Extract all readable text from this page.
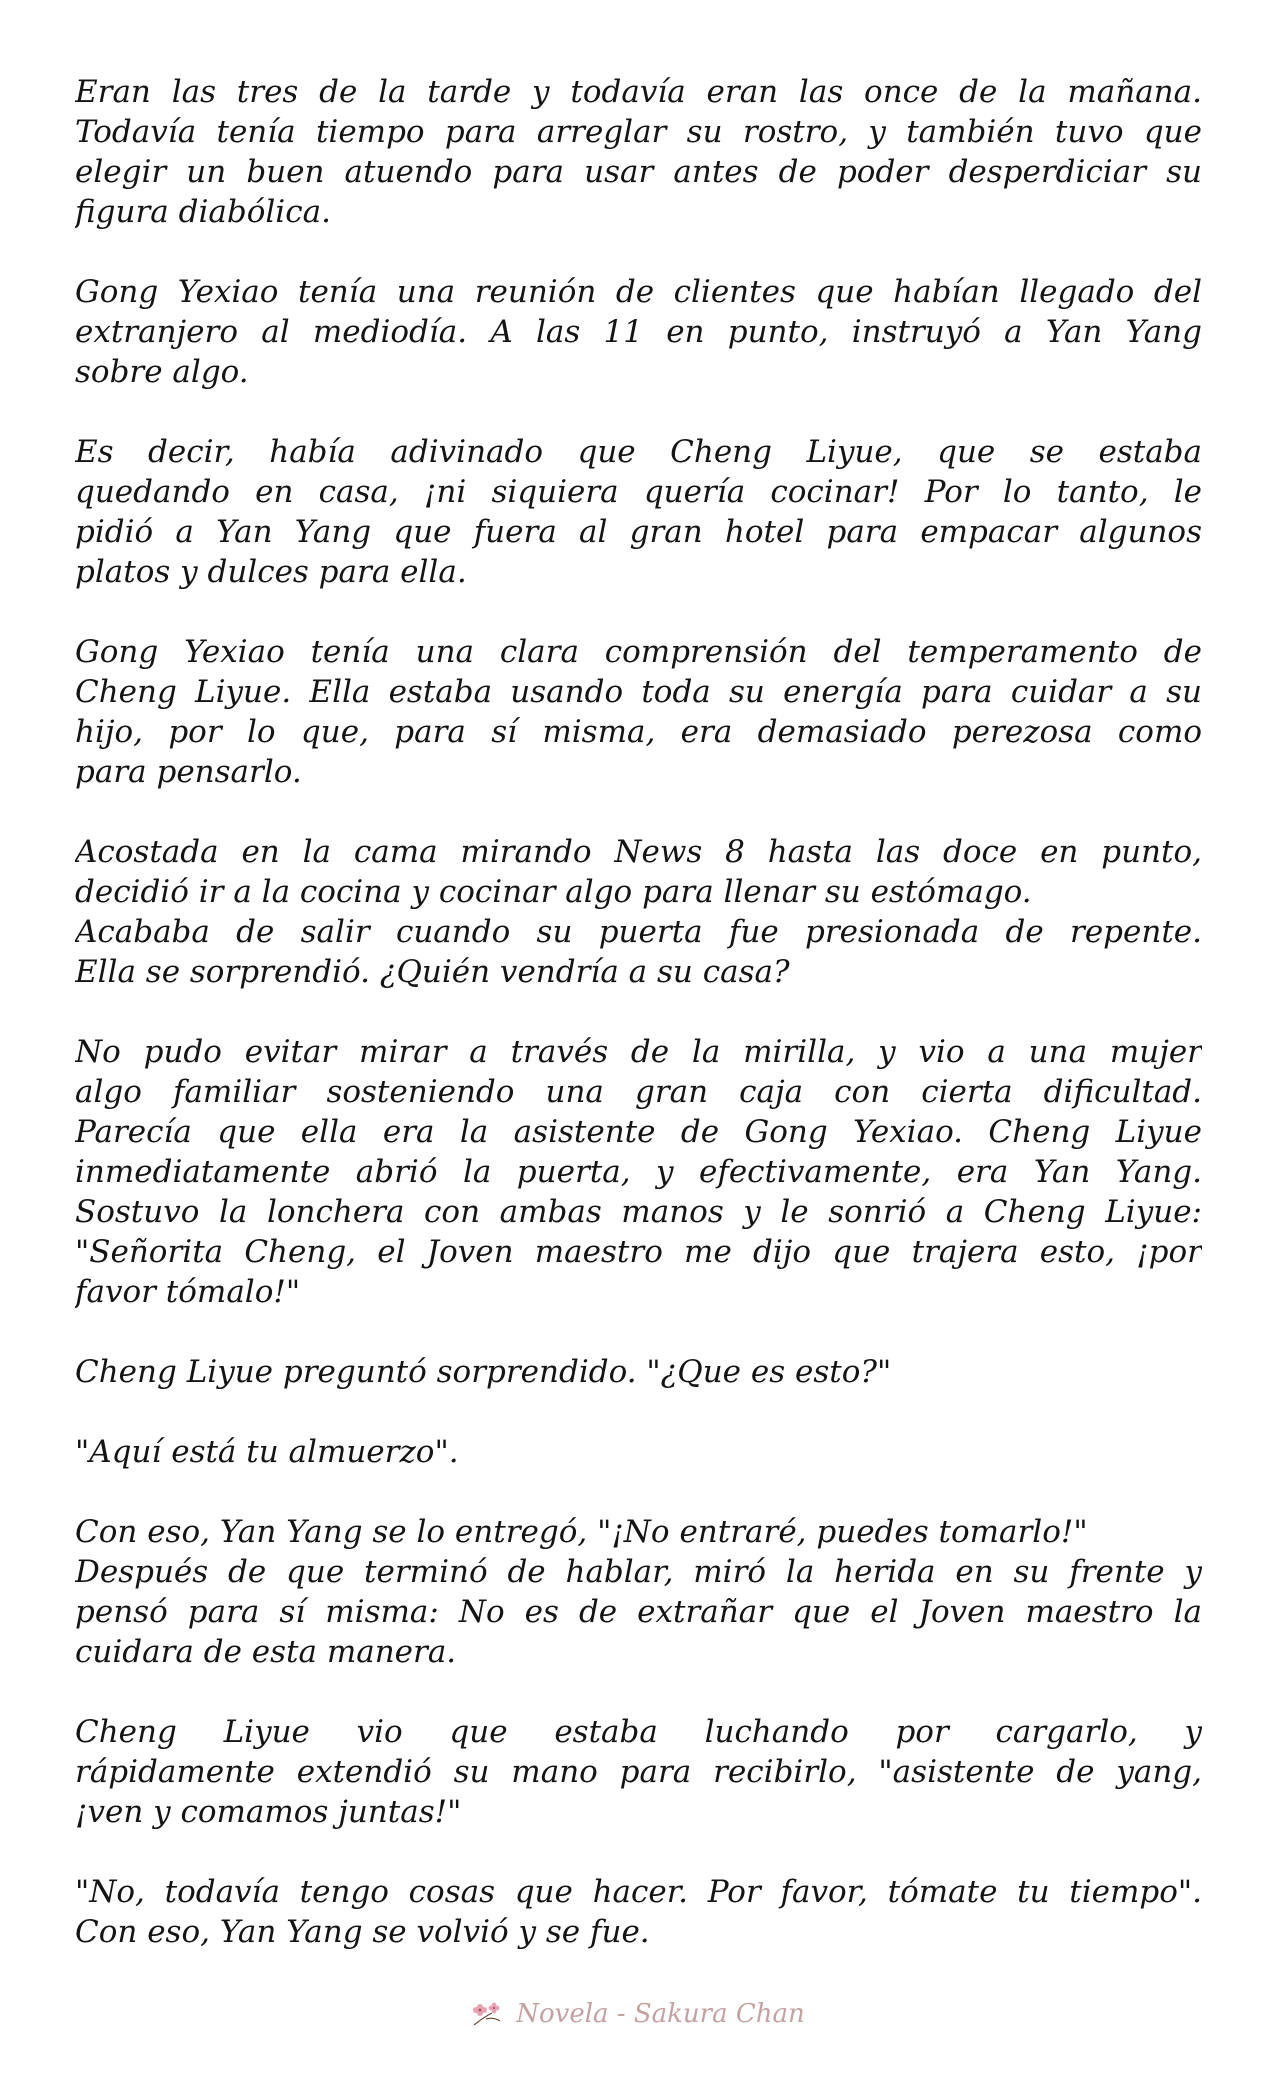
Eran las tres de la tarde y todavía eran las once de la mañana.
Todavía tenía tiempo para arreglar su rostro, y también tuvo que
elegir un buen atuendo para usar antes de poder desperdiciar su
figura diabólica.
Gong Yexiao tenía una reunión de clientes que habían llegado del
extranjero al mediodía. A las 11 en punto, instruyó a Yan Yang
sobre algo.
Es decir, había adivinado que Cheng Liyue, que se estaba
quedando en casa, ¡ni siquiera quería cocinar! Por lo tanto, le
pidió a Yan Yang que fuera al gran hotel para empacar algunos
platos y dulces para ella.
Gong Yexiao tenía una clara comprensión del temperamento de
Cheng Liyue. Ella estaba usando toda su energía para cuidar a su
hijo, por lo que, para sí misma, era demasiado perezosa como
para pensarlo.
Acostada en la cama mirando News 8 hasta las doce en punto,
decidió ir a la cocina y cocinar algo para llenar su estómago.
Acababa de salir cuando su puerta fue presionada de repente.
Ella se sorprendió. ¿Quién vendría a su casa?
No pudo evitar mirar a través de la mirilla, y vio a una mujer
algo familiar sosteniendo una gran caja con cierta dificultad.
Parecía que ella era la asistente de Gong Yexiao. Cheng Liyue
inmediatamente abrió la puerta, y efectivamente, era Yan Yang.
Sostuvo la lonchera con ambas manos y le sonrió a Cheng Liyue:
"Señorita Cheng, el Joven maestro me dijo que trajera esto, ¡por
favor tómalo!"
Cheng Liyue preguntó sorprendido. "¿Que es esto?"
"Aquí está tu almuerzo".
Con eso, Yan Yang se lo entregó, "¡No entraré, puedes tomarlo!"
Después de que terminó de hablar, miró la herida en su frente y
pensó para sí misma: No es de extrañar que el Joven maestro la
cuidara de esta manera.
Cheng Liyue vio que estaba luchando por cargarlo, y
rápidamente extendió su mano para recibirlo, "asistente de yang,
¡ven y comamos juntas!"
"No, todavía tengo cosas que hacer. Por favor, tómate tu tiempo".
Con eso, Yan Yang se volvió y se fue.
Novela - Sakura Chan
